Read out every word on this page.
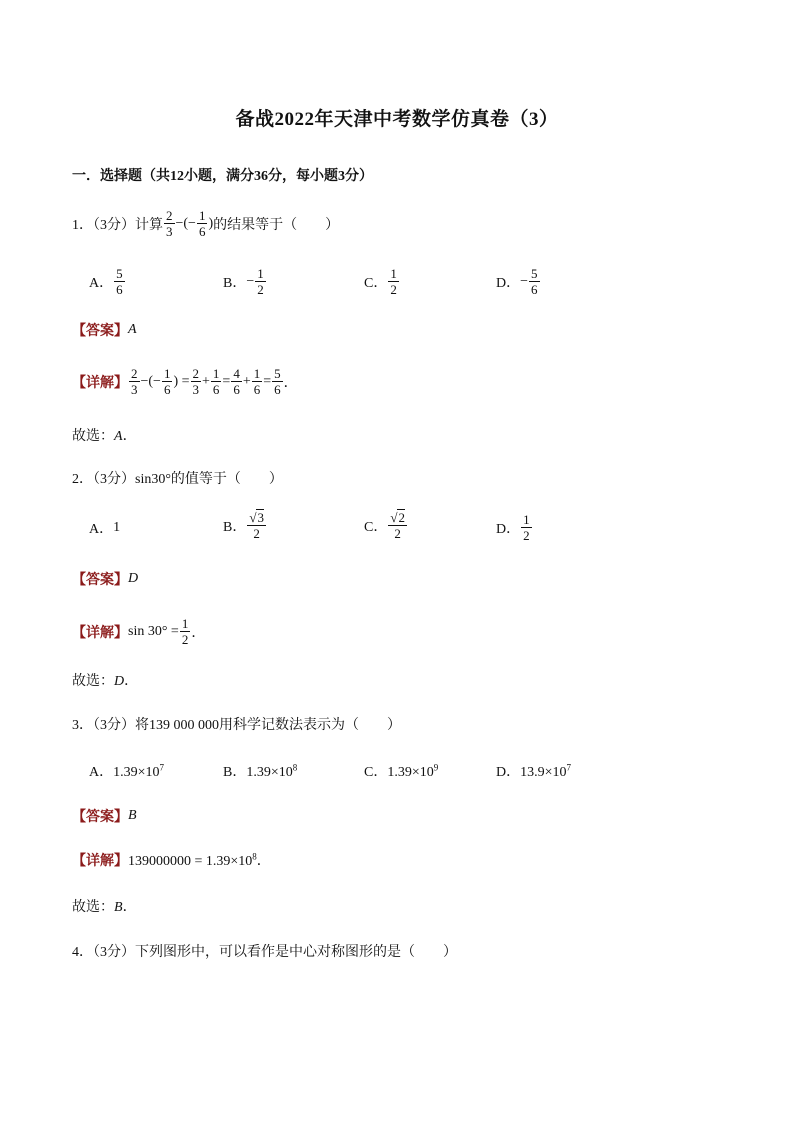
备战2022年天津中考数学仿真卷（3）
一．选择题（共12小题，满分36分，每小题3分）
1．（3分）计算 $\frac{2}{3}$ −(− $\frac{1}{6}$ ) 的结果等于（　　）
A． $\frac{5}{6}$	B． − $\frac{1}{2}$	C． $\frac{1}{2}$	D． − $\frac{5}{6}$
【答案】 A
【详解】 $\frac{2}{3}$ −(− $\frac{1}{6}$ ) = $\frac{2}{3} + \frac{1}{6} = \frac{4}{6} + \frac{1}{6} = \frac{5}{6}$ ．
故选：A．
2．（3分）sin30°的值等于（　　）
A． 1	B． $\frac{√3}{2}$	C． $\frac{√2}{2}$	D． $\frac{1}{2}$
【答案】 D
【详解】 $\sin 30^\circ = \frac{1}{2}$ ．
故选：D．
3．（3分）将139 000 000用科学记数法表示为（　　）
A．$1.39\times 10^7$	B．$1.39\times 10^8$	C．$1.39\times 10^9$	D．$13.9\times 10^7$
【答案】 B
【详解】$139000000 = 1.39\times 10^8$．
故选：B．
4．（3分）下列图形中，可以看作是中心对称图形的是（　　）
